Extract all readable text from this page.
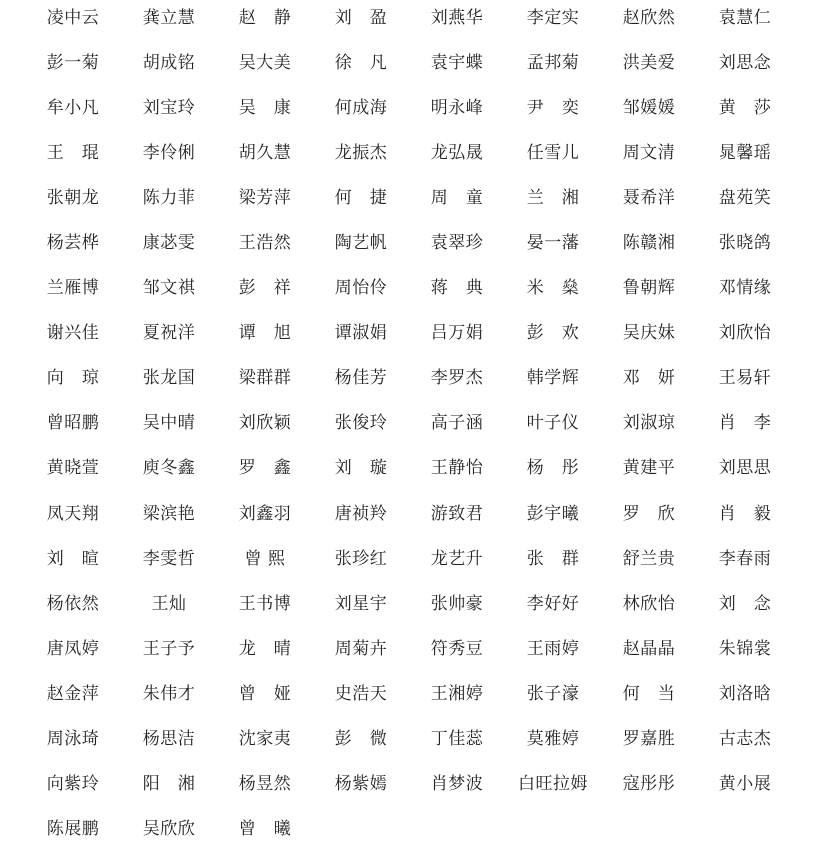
凌中云	龚立慧	赵　静	刘　盈	刘燕华	李定实	赵欣然	袁慧仁
彭一菊	胡成铭	吴大美	徐　凡	袁宇蝶	孟邦菊	洪美爱	刘思念
牟小凡	刘宝玲	吴　康	何成海	明永峰	尹　奕	邹媛媛	黄　莎
王　琨	李伶俐	胡久慧	龙振杰	龙弘晟	任雪儿	周文清	晁馨瑶
张朝龙	陈力菲	梁芳萍	何　捷	周　童	兰　湘	聂希洋	盘苑笑
杨芸桦	康苾雯	王浩然	陶艺帆	袁翠珍	晏一藩	陈赣湘	张晓鸽
兰雁博	邹文祺	彭　祥	周怡伶	蒋　典	米　燊	鲁朝辉	邓情缘
谢兴佳	夏祝洋	谭　旭	谭淑娟	吕万娟	彭　欢	吴庆妹	刘欣怡
向　琼	张龙国	梁群群	杨佳芳	李罗杰	韩学辉	邓　妍	王易轩
曾昭鹏	吴中晴	刘欣颖	张俊玲	高子涵	叶子仪	刘淑琼	肖　李
黄晓萱	庾冬鑫	罗　鑫	刘　璇	王静怡	杨　彤	黄建平	刘思思
凤天翔	梁滨艳	刘鑫羽	唐祯羚	游致君	彭宇曦	罗　欣	肖　毅
刘　暄	李雯哲	曾 熙	张珍红	龙艺升	张　群	舒兰贵	李春雨
杨依然	王灿	王书博	刘星宇	张帅豪	李好好	林欣怡	刘　念
唐凤婷	王子予	龙　晴	周菊卉	符秀豆	王雨婷	赵晶晶	朱锦裳
赵金萍	朱伟才	曾　娅	史浩天	王湘婷	张子濠	何　当	刘洛晗
周泳琦	杨思洁	沈家夷	彭　微	丁佳蕊	莫雅婷	罗嘉胜	古志杰
向紫玲	阳　湘	杨昱然	杨紫嫣	肖梦波	白旺拉姆	寇彤彤	黄小展
陈展鹏	吴欣欣	曾　曦
